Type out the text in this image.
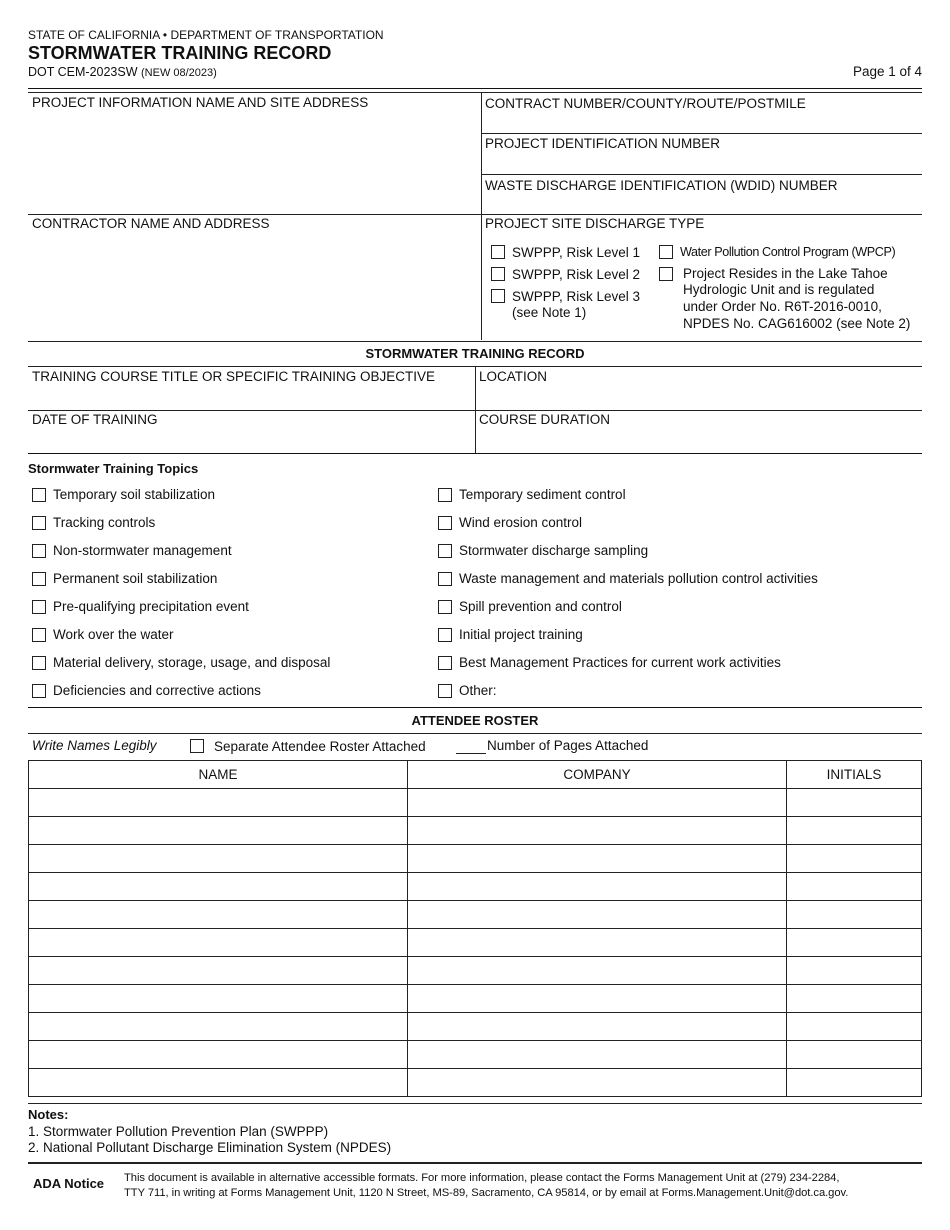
STATE OF CALIFORNIA • DEPARTMENT OF TRANSPORTATION
STORMWATER TRAINING RECORD
DOT CEM-2023SW (NEW 08/2023)	Page 1 of 4
PROJECT INFORMATION NAME AND SITE ADDRESS	CONTRACT NUMBER/COUNTY/ROUTE/POSTMILE
PROJECT IDENTIFICATION NUMBER
WASTE DISCHARGE IDENTIFICATION (WDID) NUMBER
CONTRACTOR NAME AND ADDRESS	PROJECT SITE DISCHARGE TYPE
SWPPP, Risk Level 1
SWPPP, Risk Level 2
SWPPP, Risk Level 3
(see Note 1)
Water Pollution Control Program (WPCP)
Project Resides in the Lake Tahoe
Hydrologic Unit and is regulated
under Order No. R6T-2016-0010,
NPDES No. CAG616002 (see Note 2)
STORMWATER TRAINING RECORD
TRAINING COURSE TITLE OR SPECIFIC TRAINING OBJECTIVE	LOCATION
DATE OF TRAINING	COURSE DURATION
Stormwater Training Topics
Temporary soil stabilization
Tracking controls
Non-stormwater management
Permanent soil stabilization
Pre-qualifying precipitation event
Work over the water
Material delivery, storage, usage, and disposal
Deficiencies and corrective actions
Temporary sediment control
Wind erosion control
Stormwater discharge sampling
Waste management and materials pollution control activities
Spill prevention and control
Initial project training
Best Management Practices for current work activities
Other:
ATTENDEE ROSTER
Write Names Legibly	Separate Attendee Roster Attached	Number of Pages Attached
NAME	COMPANY	INITIALS

Notes:
1. Stormwater Pollution Prevention Plan (SWPPP)
2. National Pollutant Discharge Elimination System (NPDES)
ADA Notice This document is available in alternative accessible formats. For more information, please contact the Forms Management Unit at (279) 234-2284,
TTY 711, in writing at Forms Management Unit, 1120 N Street, MS-89, Sacramento, CA 95814, or by email at Forms.Management.Unit@dot.ca.gov.
